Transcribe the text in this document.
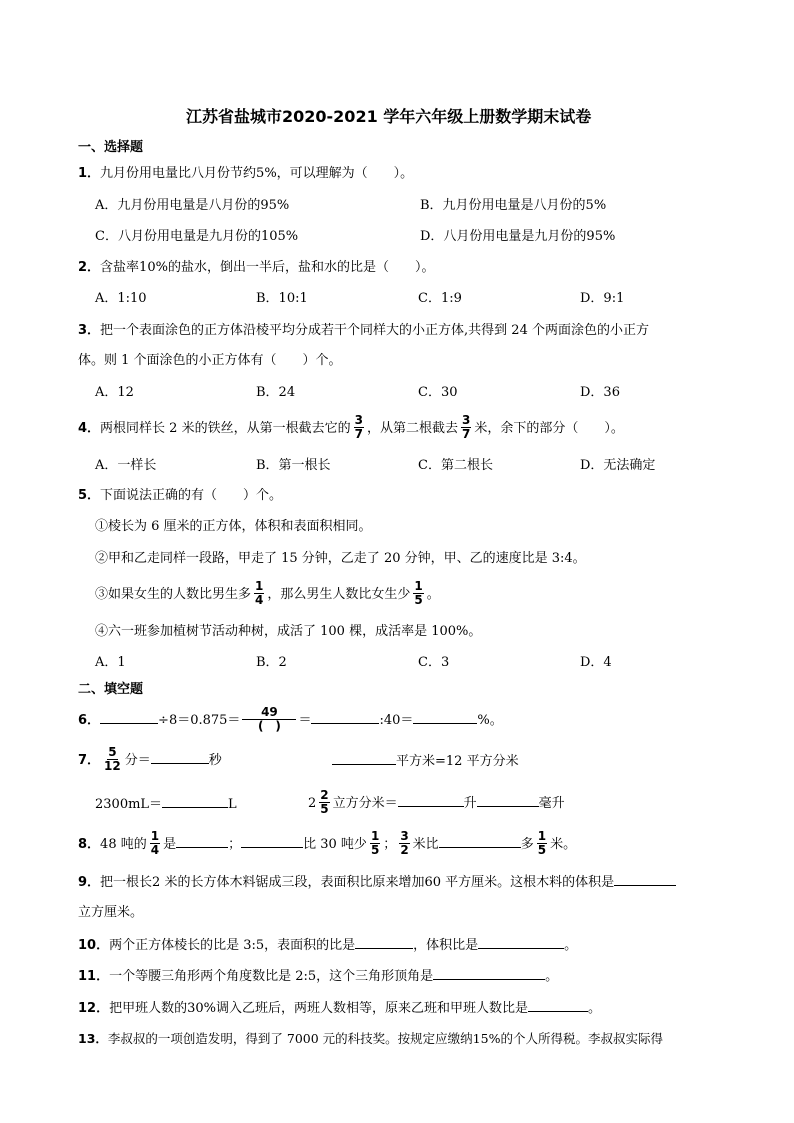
江苏省盐城市2020-2021 学年六年级上册数学期末试卷
一、选择题
1．九月份用电量比八月份节约5%，可以理解为（　　）。
A．九月份用电量是八月份的95%	B．九月份用电量是八月份的5%
C．八月份用电量是九月份的105%	D．八月份用电量是九月份的95%
2．含盐率10%的盐水，倒出一半后，盐和水的比是（　　）。
A．1:10	B．10:1	C．1:9	D．9:1
3．把一个表面涂色的正方体沿棱平均分成若干个同样大的小正方体,共得到 24 个两面涂色的小正方
体。则 1 个面涂色的小正方体有（　　）个。
A．12	B．24	C．30	D．36
4．两根同样长 2 米的铁丝，从第一根截去它的 $\frac{3}{7}$ ，从第二根截去 $\frac{3}{7}$ 米，余下的部分（　　）。
A．一样长	B．第一根长	C．第二根长	D．无法确定
5．下面说法正确的有（　　）个。
①棱长为 6 厘米的正方体，体积和表面积相同。
②甲和乙走同样一段路，甲走了 15 分钟，乙走了 20 分钟，甲、乙的速度比是 3:4。
③如果女生的人数比男生多 $\frac{1}{4}$ ，那么男生人数比女生少 $\frac{1}{5}$ 。
④六一班参加植树节活动种树，成活了 100 棵，成活率是 100%。
A．1	B．2	C．3	D．4
二、填空题
6．	$\div 8=0.875= \frac{49}{( )}$ ＝	:40＝	%。
7． $\frac{5}{12}$ 分＝	秒	平方米=12 平方分米
2300mL＝	L	$2 \frac{2}{5}$ 立方分米＝	升	毫升
8．48 吨的 $\frac{1}{4}$ 是	；	比 30 吨少 $\frac{1}{5}$ ； $\frac{3}{2}$ 米比	多 $\frac{1}{5}$ 米。
9．把一根长2 米的长方体木料锯成三段，表面积比原来增加60 平方厘米。这根木料的体积是
立方厘米。
10．两个正方体棱长的比是 3:5，表面积的比是	，体积比是	。
11．一个等腰三角形两个角度数比是 2:5，这个三角形顶角是	。
12．把甲班人数的30%调入乙班后，两班人数相等，原来乙班和甲班人数比是	。
13．李叔叔的一项创造发明，得到了 7000 元的科技奖。按规定应缴纳15%的个人所得税。李叔叔实际得
